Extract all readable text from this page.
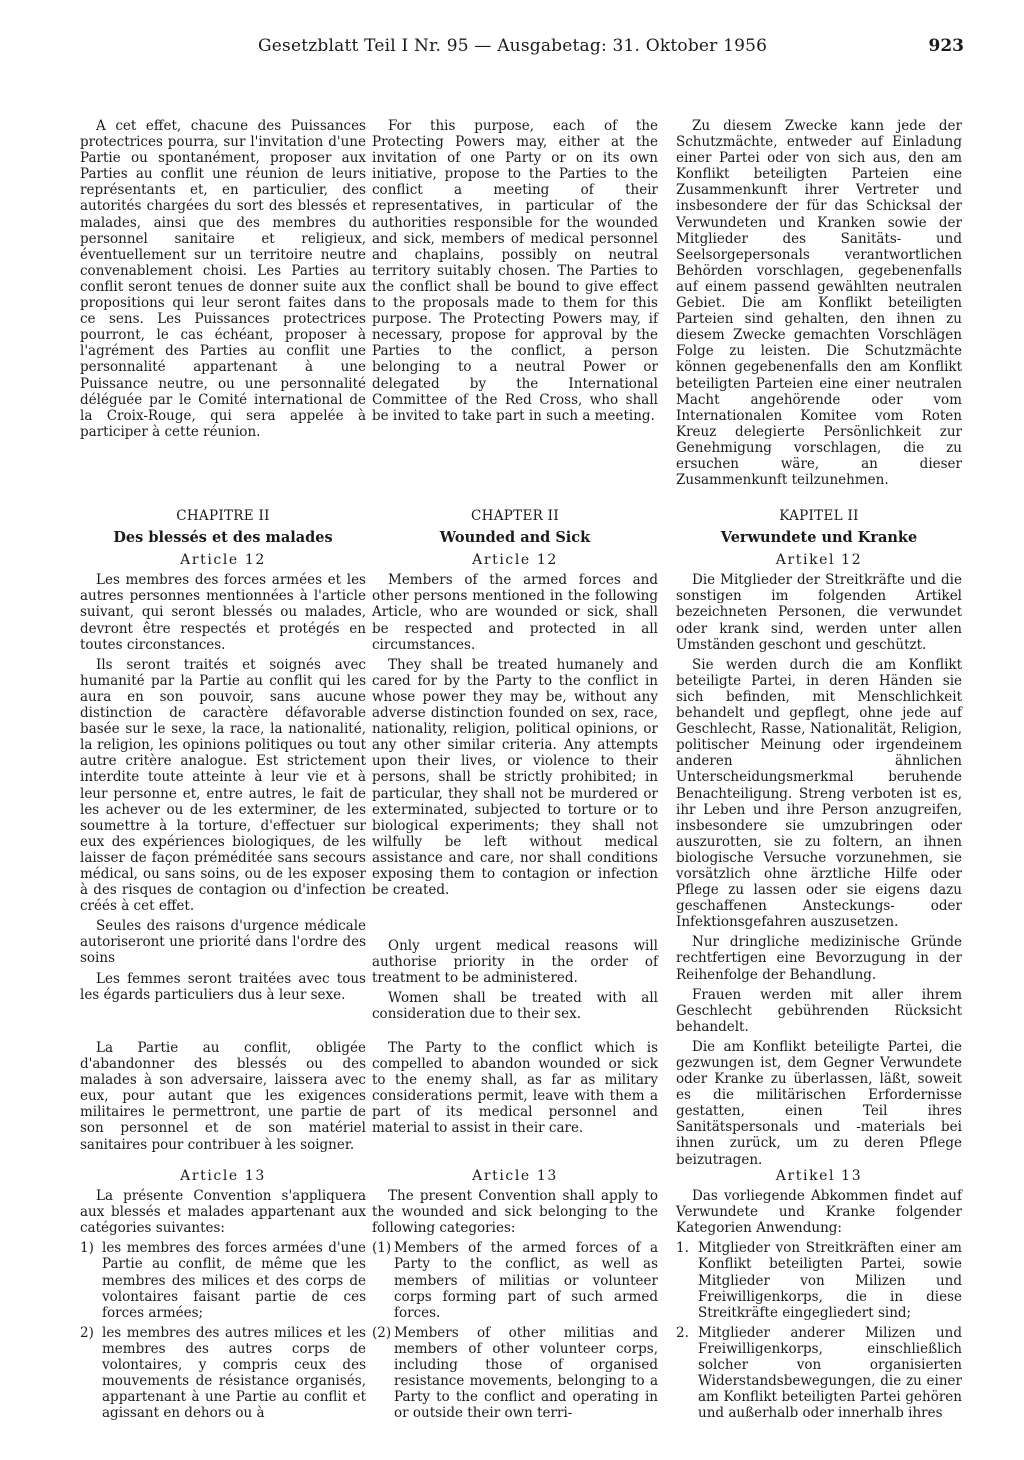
Gesetzblatt Teil I Nr. 95 — Ausgabetag: 31. Oktober 1956	923

A cet effet, chacune des Puissances protectrices pourra, sur l'invitation d'une Partie ou spontanément, proposer aux Parties au conflit une réunion de leurs représentants et, en particulier, des autorités chargées du sort des blessés et malades, ainsi que des membres du personnel sanitaire et religieux, éventuellement sur un territoire neutre convenablement choisi. Les Parties au conflit seront tenues de donner suite aux propositions qui leur seront faites dans ce sens. Les Puissances protectrices pourront, le cas échéant, proposer à l'agrément des Parties au conflit une personnalité appartenant à une Puissance neutre, ou une personnalité déléguée par le Comité international de la Croix-Rouge, qui sera appelée à participer à cette réunion.

CHAPITRE II
Des blessés et des malades
Article 12

Les membres des forces armées et les autres personnes mentionnées à l'article suivant, qui seront blessés ou malades, devront être respectés et protégés en toutes circonstances.

Ils seront traités et soignés avec humanité par la Partie au conflit qui les aura en son pouvoir, sans aucune distinction de caractère défavorable basée sur le sexe, la race, la nationalité, la religion, les opinions politiques ou tout autre critère analogue. Est strictement interdite toute atteinte à leur vie et à leur personne et, entre autres, le fait de les achever ou de les exterminer, de les soumettre à la torture, d'effectuer sur eux des expériences biologiques, de les laisser de façon préméditée sans secours médical, ou sans soins, ou de les exposer à des risques de contagion ou d'infection créés à cet effet.

Seules des raisons d'urgence médicale autoriseront une priorité dans l'ordre des soins

Les femmes seront traitées avec tous les égards particuliers dus à leur sexe.

La Partie au conflit, obligée d'abandonner des blessés ou des malades à son adversaire, laissera avec eux, pour autant que les exigences militaires le permettront, une partie de son personnel et de son matériel sanitaires pour contribuer à les soigner.

Article 13

La présente Convention s'appliquera aux blessés et malades appartenant aux catégories suivantes:

1) les membres des forces armées d'une Partie au conflit, de même que les membres des milices et des corps de volontaires faisant partie de ces forces armées;
2) les membres des autres milices et les membres des autres corps de volontaires, y compris ceux des mouvements de résistance organisés, appartenant à une Partie au conflit et agissant en dehors ou à

For this purpose, each of the Protecting Powers may, either at the invitation of one Party or on its own initiative, propose to the Parties to the conflict a meeting of their representatives, in particular of the authorities responsible for the wounded and sick, members of medical personnel and chaplains, possibly on neutral territory suitably chosen. The Parties to the conflict shall be bound to give effect to the proposals made to them for this purpose. The Protecting Powers may, if necessary, propose for approval by the Parties to the conflict, a person belonging to a neutral Power or delegated by the International Committee of the Red Cross, who shall be invited to take part in such a meeting.

CHAPTER II
Wounded and Sick
Article 12

Members of the armed forces and other persons mentioned in the following Article, who are wounded or sick, shall be respected and protected in all circumstances.

They shall be treated humanely and cared for by the Party to the conflict in whose power they may be, without any adverse distinction founded on sex, race, nationality, religion, political opinions, or any other similar criteria. Any attempts upon their lives, or violence to their persons, shall be strictly prohibited; in particular, they shall not be murdered or exterminated, subjected to torture or to biological experiments; they shall not wilfully be left without medical assistance and care, nor shall conditions exposing them to contagion or infection be created.

Only urgent medical reasons will authorise priority in the order of treatment to be administered.

Women shall be treated with all consideration due to their sex.

The Party to the conflict which is compelled to abandon wounded or sick to the enemy shall, as far as military considerations permit, leave with them a part of its medical personnel and material to assist in their care.

Article 13

The present Convention shall apply to the wounded and sick belonging to the following categories:

(1) Members of the armed forces of a Party to the conflict, as well as members of militias or volunteer corps forming part of such armed forces.
(2) Members of other militias and members of other volunteer corps, including those of organised resistance movements, belonging to a Party to the conflict and operating in or outside their own terri-

Zu diesem Zwecke kann jede der Schutzmächte, entweder auf Einladung einer Partei oder von sich aus, den am Konflikt beteiligten Parteien eine Zusammenkunft ihrer Vertreter und insbesondere der für das Schicksal der Verwundeten und Kranken sowie der Mitglieder des Sanitäts- und Seelsorgepersonals verantwortlichen Behörden vorschlagen, gegebenenfalls auf einem passend gewählten neutralen Gebiet. Die am Konflikt beteiligten Parteien sind gehalten, den ihnen zu diesem Zwecke gemachten Vorschlägen Folge zu leisten. Die Schutzmächte können gegebenenfalls den am Konflikt beteiligten Parteien eine einer neutralen Macht angehörende oder vom Internationalen Komitee vom Roten Kreuz delegierte Persönlichkeit zur Genehmigung vorschlagen, die zu ersuchen wäre, an dieser Zusammenkunft teilzunehmen.

KAPITEL II
Verwundete und Kranke
Artikel 12

Die Mitglieder der Streitkräfte und die sonstigen im folgenden Artikel bezeichneten Personen, die verwundet oder krank sind, werden unter allen Umständen geschont und geschützt.

Sie werden durch die am Konflikt beteiligte Partei, in deren Händen sie sich befinden, mit Menschlichkeit behandelt und gepflegt, ohne jede auf Geschlecht, Rasse, Nationalität, Religion, politischer Meinung oder irgendeinem anderen ähnlichen Unterscheidungsmerkmal beruhende Benachteiligung. Streng verboten ist es, ihr Leben und ihre Person anzugreifen, insbesondere sie umzubringen oder auszurotten, sie zu foltern, an ihnen biologische Versuche vorzunehmen, sie vorsätzlich ohne ärztliche Hilfe oder Pflege zu lassen oder sie eigens dazu geschaffenen Ansteckungs- oder Infektionsgefahren auszusetzen.

Nur dringliche medizinische Gründe rechtfertigen eine Bevorzugung in der Reihenfolge der Behandlung.

Frauen werden mit aller ihrem Geschlecht gebührenden Rücksicht behandelt.

Die am Konflikt beteiligte Partei, die gezwungen ist, dem Gegner Verwundete oder Kranke zu überlassen, läßt, soweit es die militärischen Erfordernisse gestatten, einen Teil ihres Sanitätspersonals und -materials bei ihnen zurück, um zu deren Pflege beizutragen.

Artikel 13

Das vorliegende Abkommen findet auf Verwundete und Kranke folgender Kategorien Anwendung:

1. Mitglieder von Streitkräften einer am Konflikt beteiligten Partei, sowie Mitglieder von Milizen und Freiwilligenkorps, die in diese Streitkräfte eingegliedert sind;
2. Mitglieder anderer Milizen und Freiwilligenkorps, einschließlich solcher von organisierten Widerstandsbewegungen, die zu einer am Konflikt beteiligten Partei gehören und außerhalb oder innerhalb ihres
